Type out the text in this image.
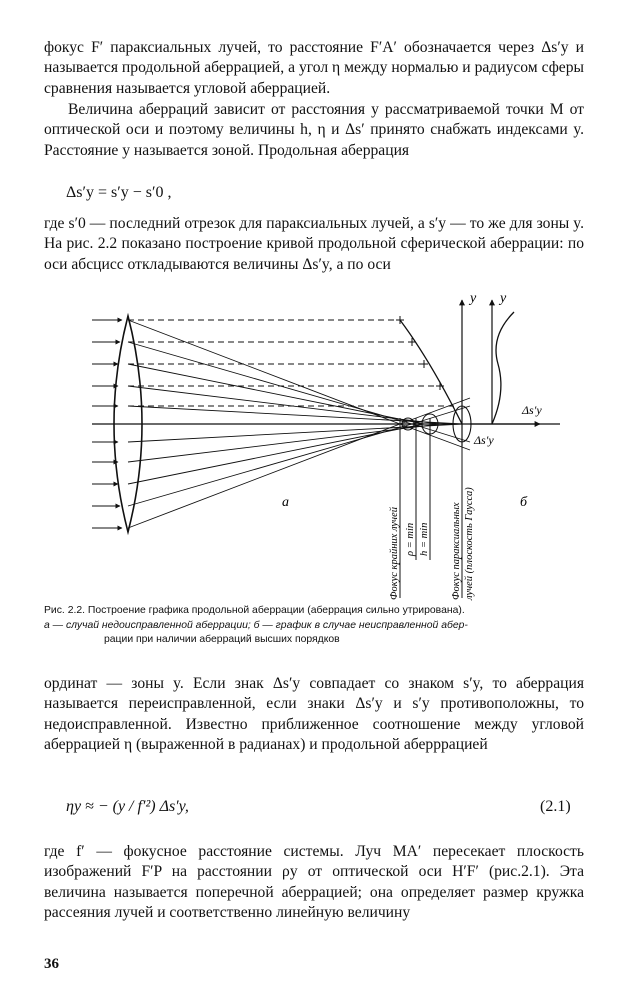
фокус F′ параксиальных лучей, то расстояние F′A′ обозначается через Δs′y и называется продольной аберрацией, а угол η между нормалью и радиусом сферы сравнения называется угловой аберрацией.

Величина аберраций зависит от расстояния y рассматриваемой точки M от оптической оси и поэтому величины h, η и Δs′ принято снабжать индексами y. Расстояние y называется зоной. Продольная аберрация

Δs′y = s′y − s′0 ,

где s′0 — последний отрезок для параксиальных лучей, а s′y — то же для зоны y. На рис. 2.2 показано построение кривой продольной сферической аберрации: по оси абсцисс откладываются величины Δs′y, а по оси

y
Δs′y
y
Δs′y
а	б
Фокус крайних лучей ρ = min h = min Фокус параксиальных лучей (плоскость Гаусса)
Рис. 2.2. Построение графика продольной аберрации (аберрация сильно утрирована).
а — случай недоисправленной аберрации; б — график в случае неисправленной абер-
рации при наличии аберраций высших порядков

ординат — зоны y. Если знак Δs′y совпадает со знаком s′y, то аберрация называется переисправленной, если знаки Δs′y и s′y противоположны, то недоисправленной. Известно приближенное соотношение между угловой аберрацией η (выраженной в радианах) и продольной аберррацией

ηy ≈ − (y / f′²) Δs′y,	(2.1)

где f′ — фокусное расстояние системы. Луч MA′ пересекает плоскость изображений F′P на расстоянии ρy от оптической оси H′F′ (рис.2.1). Эта величина называется поперечной аберрацией; она определяет размер кружка рассеяния лучей и соответственно линейную величину

36
